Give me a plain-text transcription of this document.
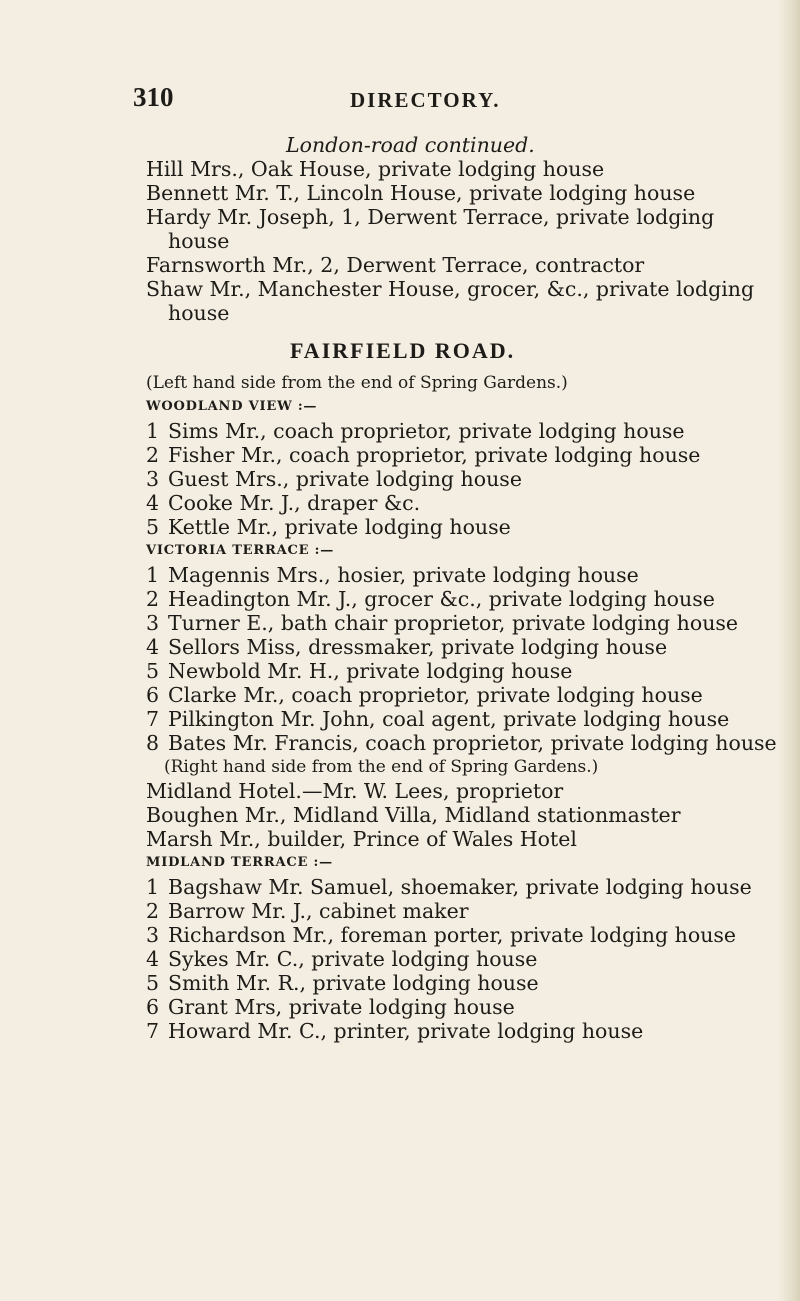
310	DIRECTORY.
London-road continued.
Hill Mrs., Oak House, private lodging house
Bennett Mr. T., Lincoln House, private lodging house
Hardy Mr. Joseph, 1, Derwent Terrace, private lodging
house
Farnsworth Mr., 2, Derwent Terrace, contractor
Shaw Mr., Manchester House, grocer, &c., private lodging
house
FAIRFIELD ROAD.
(Left hand side from the end of Spring Gardens.)
WOODLAND VIEW :—
1 Sims Mr., coach proprietor, private lodging house
2 Fisher Mr., coach proprietor, private lodging house
3 Guest Mrs., private lodging house
4 Cooke Mr. J., draper &c.
5 Kettle Mr., private lodging house
VICTORIA TERRACE :—
1 Magennis Mrs., hosier, private lodging house
2 Headington Mr. J., grocer &c., private lodging house
3 Turner E., bath chair proprietor, private lodging house
4 Sellors Miss, dressmaker, private lodging house
5 Newbold Mr. H., private lodging house
6 Clarke Mr., coach proprietor, private lodging house
7 Pilkington Mr. John, coal agent, private lodging house
8 Bates Mr. Francis, coach proprietor, private lodging house
(Right hand side from the end of Spring Gardens.)
Midland Hotel.—Mr. W. Lees, proprietor
Boughen Mr., Midland Villa, Midland stationmaster
Marsh Mr., builder, Prince of Wales Hotel
MIDLAND TERRACE :—
1 Bagshaw Mr. Samuel, shoemaker, private lodging house
2 Barrow Mr. J., cabinet maker
3 Richardson Mr., foreman porter, private lodging house
4 Sykes Mr. C., private lodging house
5 Smith Mr. R., private lodging house
6 Grant Mrs, private lodging house
7 Howard Mr. C., printer, private lodging house
